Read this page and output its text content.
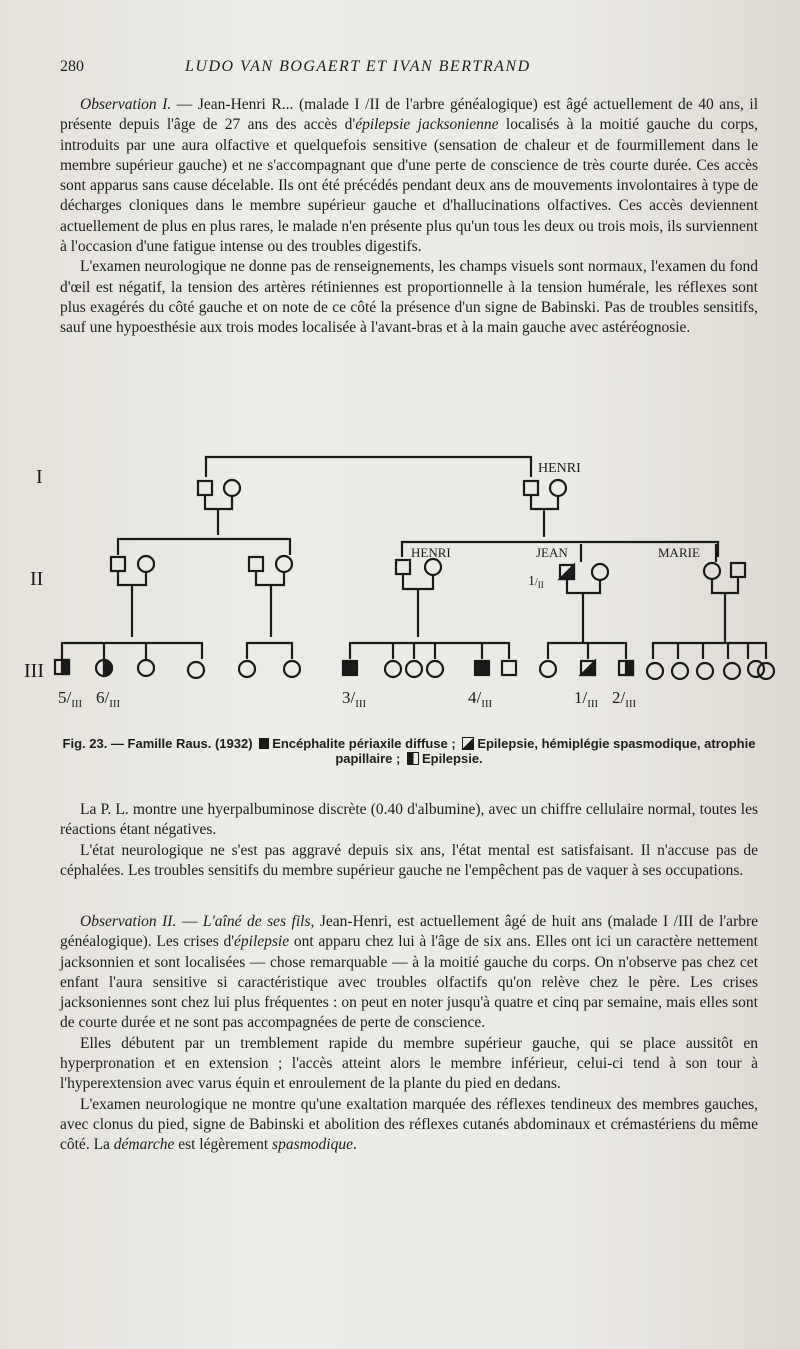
280	LUDO VAN BOGAERT ET IVAN BERTRAND

Observation I. — Jean-Henri R... (malade I /II de l'arbre généalogique) est âgé actuellement de 40 ans, il présente depuis l'âge de 27 ans des accès d'épilepsie jacksonienne localisés à la moitié gauche du corps, introduits par une aura olfactive et quelquefois sensitive (sensation de chaleur et de fourmillement dans le membre supérieur gauche) et ne s'accompagnant que d'une perte de conscience de très courte durée. Ces accès sont apparus sans cause décelable. Ils ont été précédés pendant deux ans de mouvements involontaires à type de décharges cloniques dans le membre supérieur gauche et d'hallucinations olfactives. Ces accès deviennent actuellement de plus en plus rares, le malade n'en présente plus qu'un tous les deux ou trois mois, ils surviennent à l'occasion d'une fatigue intense ou des troubles digestifs.

L'examen neurologique ne donne pas de renseignements, les champs visuels sont normaux, l'examen du fond d'œil est négatif, la tension des artères rétiniennes est proportionnelle à la tension humérale, les réflexes sont plus exagérés du côté gauche et on note de ce côté la présence d'un signe de Babinski. Pas de troubles sensitifs, sauf une hypoesthésie aux trois modes localisée à l'avant-bras et à la main gauche avec astéréognosie.

I
II
III
HENRI
HENRI	JEAN	MARIE
$1/_{II}$
$5/_{III}$ $6/_{III}$	$3/_{III}$	$4/_{III}$	$1/_{III}$ $2/_{III}$
Fig. 23. — Famille Raus. (1932) Encéphalite périaxile diffuse ; Epilepsie, hémiplégie spasmodique, atrophie papillaire ; Epilepsie.

La P. L. montre une hyerpalbuminose discrète (0.40 d'albumine), avec un chiffre cellulaire normal, toutes les réactions étant négatives.

L'état neurologique ne s'est pas aggravé depuis six ans, l'état mental est satisfaisant. Il n'accuse pas de céphalées. Les troubles sensitifs du membre supérieur gauche ne l'empêchent pas de vaquer à ses occupations.

Observation II. — L'aîné de ses fils, Jean-Henri, est actuellement âgé de huit ans (malade I /III de l'arbre généalogique). Les crises d'épilepsie ont apparu chez lui à l'âge de six ans. Elles ont ici un caractère nettement jacksonnien et sont localisées — chose remarquable — à la moitié gauche du corps. On n'observe pas chez cet enfant l'aura sensitive si caractéristique avec troubles olfactifs qu'on relève chez le père. Les crises jacksoniennes sont chez lui plus fréquentes : on peut en noter jusqu'à quatre et cinq par semaine, mais elles sont de courte durée et ne sont pas accompagnées de perte de conscience.

Elles débutent par un tremblement rapide du membre supérieur gauche, qui se place aussitôt en hyperpronation et en extension ; l'accès atteint alors le membre inférieur, celui-ci tend à son tour à l'hyperextension avec varus équin et enroulement de la plante du pied en dedans.

L'examen neurologique ne montre qu'une exaltation marquée des réflexes tendineux des membres gauches, avec clonus du pied, signe de Babinski et abolition des réflexes cutanés abdominaux et crémastériens du même côté. La démarche est légèrement spasmodique.
